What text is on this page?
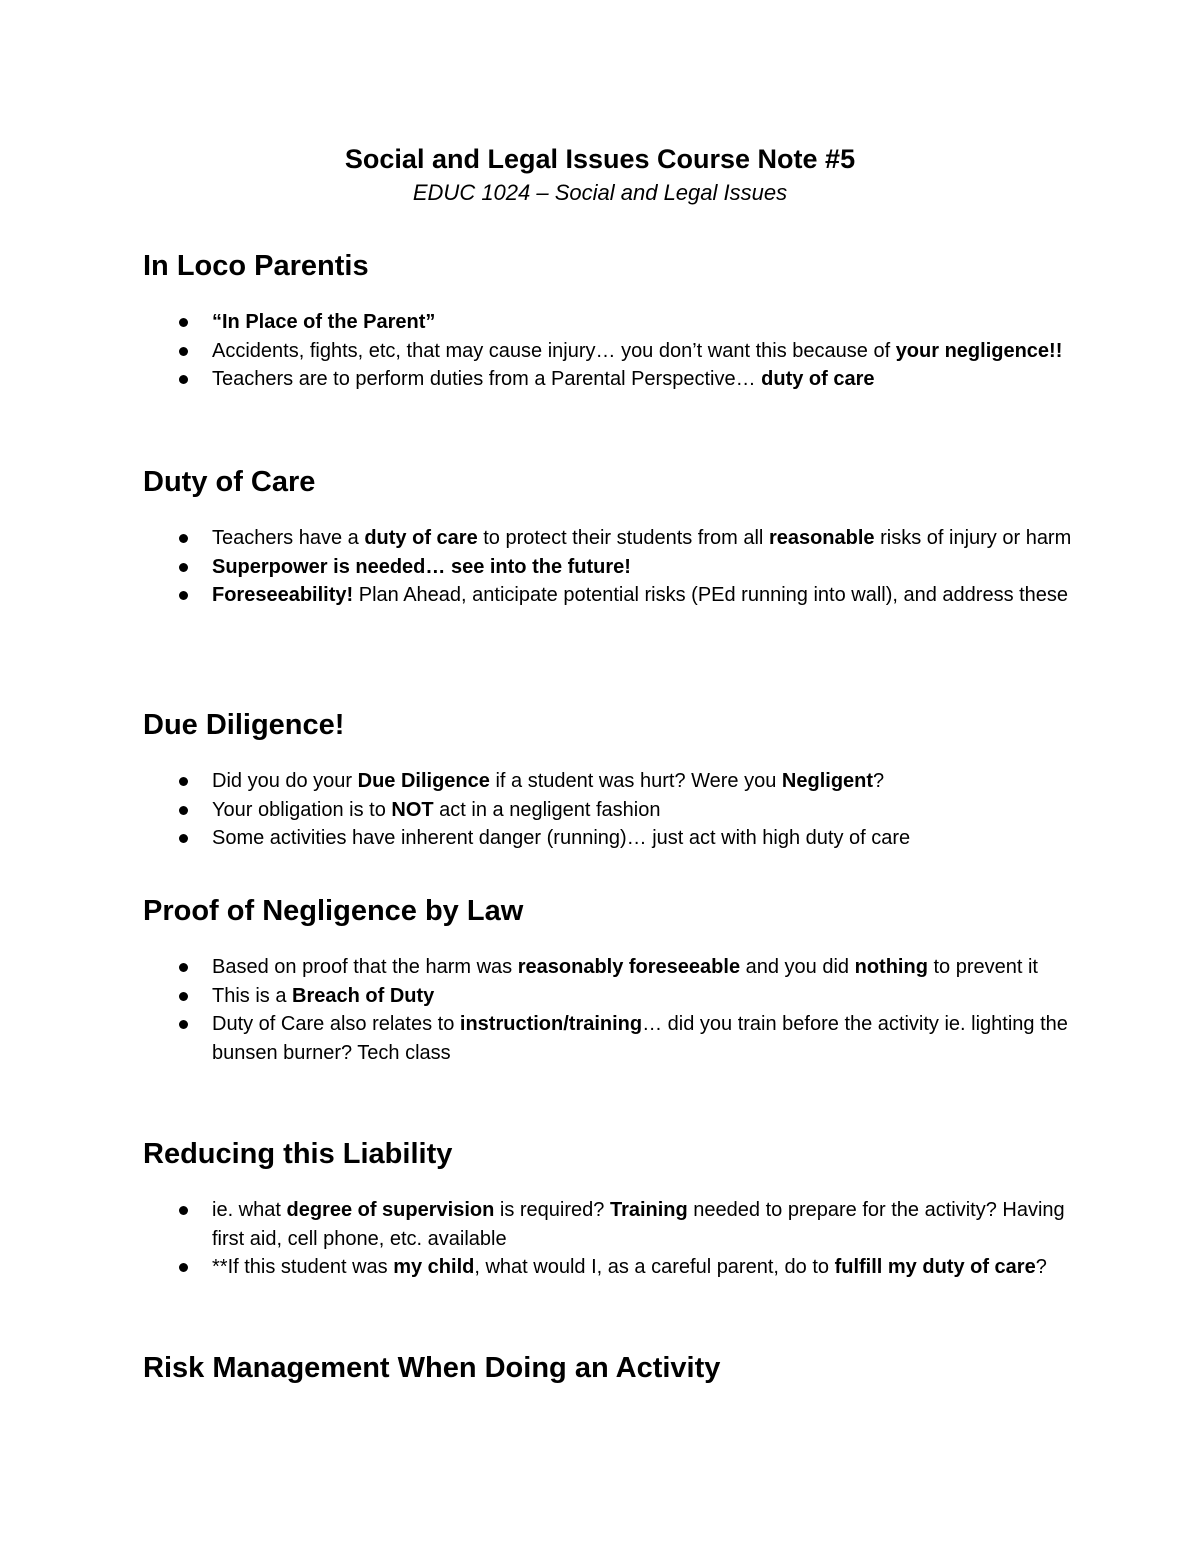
Social and Legal Issues Course Note #5
EDUC 1024 – Social and Legal Issues
In Loco Parentis
“In Place of the Parent”
Accidents, fights, etc, that may cause injury… you don’t want this because of your negligence!!
Teachers are to perform duties from a Parental Perspective… duty of care
Duty of Care
Teachers have a duty of care to protect their students from all reasonable risks of injury or harm
Superpower is needed… see into the future!
Foreseeability! Plan Ahead, anticipate potential risks (PEd running into wall), and address these
Due Diligence!
Did you do your Due Diligence if a student was hurt? Were you Negligent?
Your obligation is to NOT act in a negligent fashion
Some activities have inherent danger (running)… just act with high duty of care
Proof of Negligence by Law
Based on proof that the harm was reasonably foreseeable and you did nothing to prevent it
This is a Breach of Duty
Duty of Care also relates to instruction/training… did you train before the activity ie. lighting the bunsen burner? Tech class
Reducing this Liability
ie. what degree of supervision is required? Training needed to prepare for the activity? Having first aid, cell phone, etc. available
**If this student was my child, what would I, as a careful parent, do to fulfill my duty of care?
Risk Management When Doing an Activity
